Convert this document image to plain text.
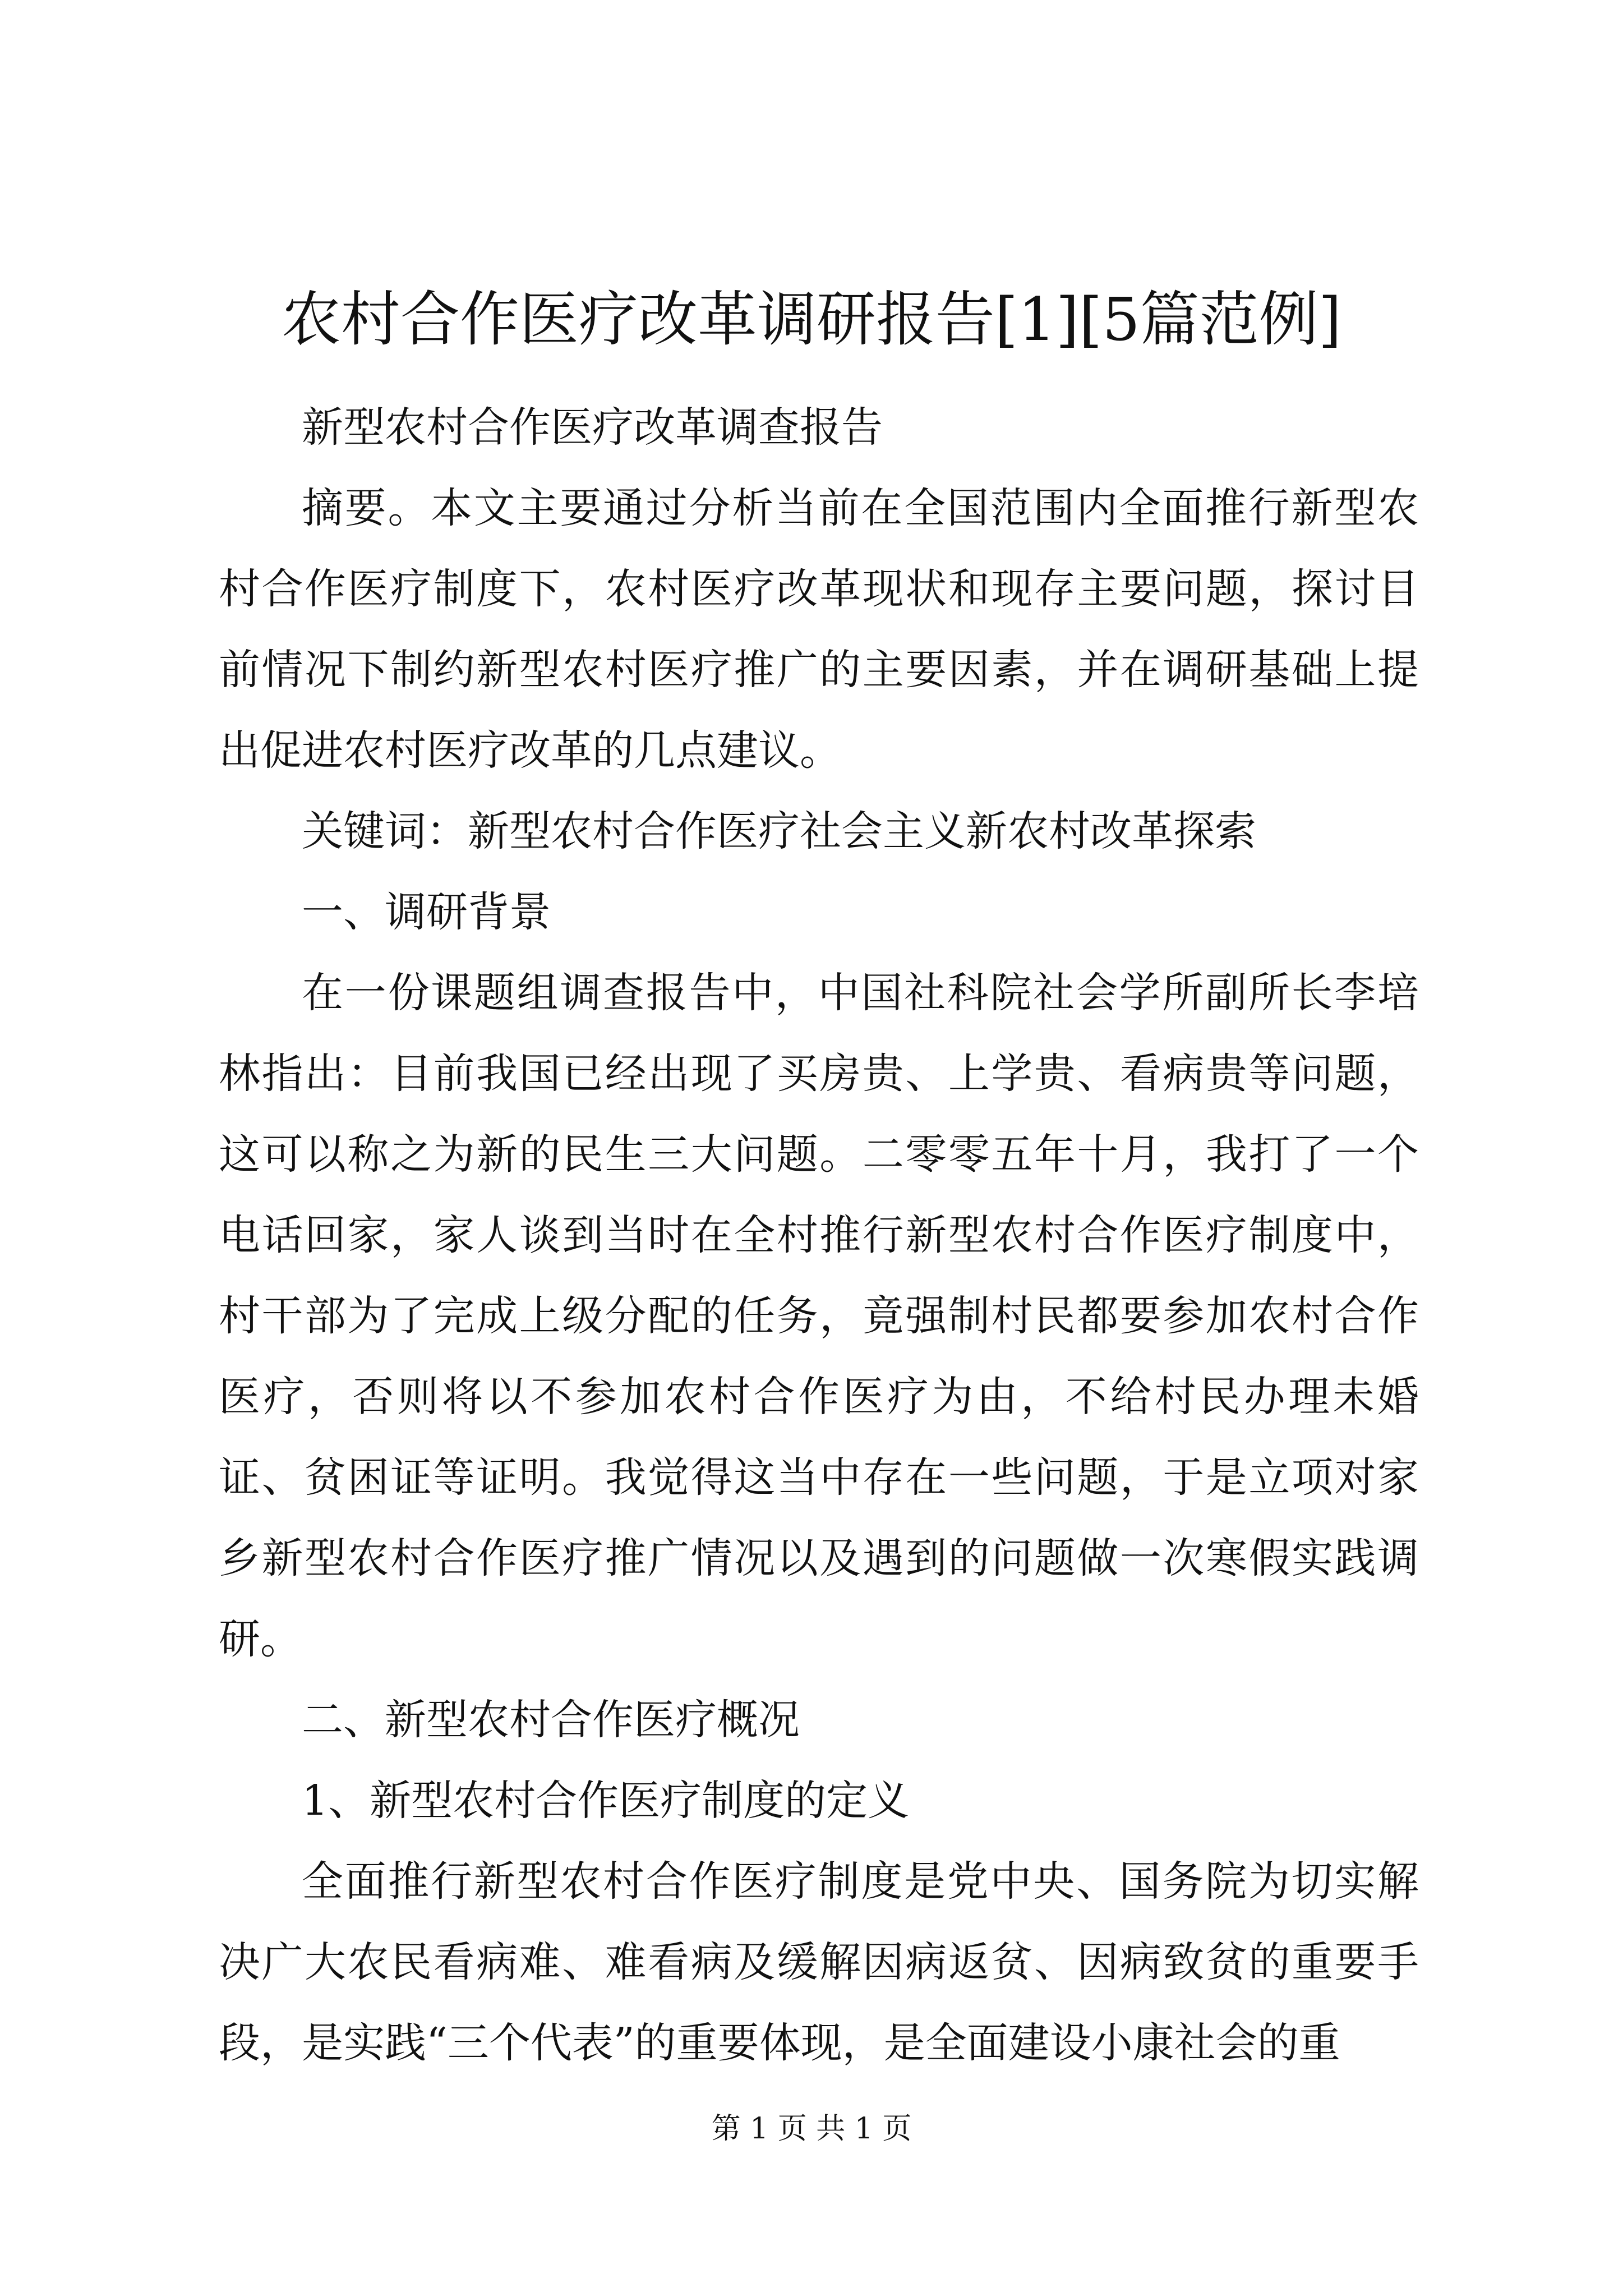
农村合作医疗改革调研报告[1][5篇范例]

新型农村合作医疗改革调查报告

摘要。本文主要通过分析当前在全国范围内全面推行新型农村合作医疗制度下，农村医疗改革现状和现存主要问题，探讨目前情况下制约新型农村医疗推广的主要因素，并在调研基础上提出促进农村医疗改革的几点建议。

关键词：新型农村合作医疗社会主义新农村改革探索

一、调研背景

在一份课题组调查报告中，中国社科院社会学所副所长李培林指出：目前我国已经出现了买房贵、上学贵、看病贵等问题，这可以称之为新的民生三大问题。二零零五年十月，我打了一个电话回家，家人谈到当时在全村推行新型农村合作医疗制度中，村干部为了完成上级分配的任务，竟强制村民都要参加农村合作医疗，否则将以不参加农村合作医疗为由，不给村民办理未婚证、贫困证等证明。我觉得这当中存在一些问题，于是立项对家乡新型农村合作医疗推广情况以及遇到的问题做一次寒假实践调研。

二、新型农村合作医疗概况

1、新型农村合作医疗制度的定义

全面推行新型农村合作医疗制度是党中央、国务院为切实解决广大农民看病难、难看病及缓解因病返贫、因病致贫的重要手段，是实践“三个代表”的重要体现，是全面建设小康社会的重

第 1 页 共 1 页
